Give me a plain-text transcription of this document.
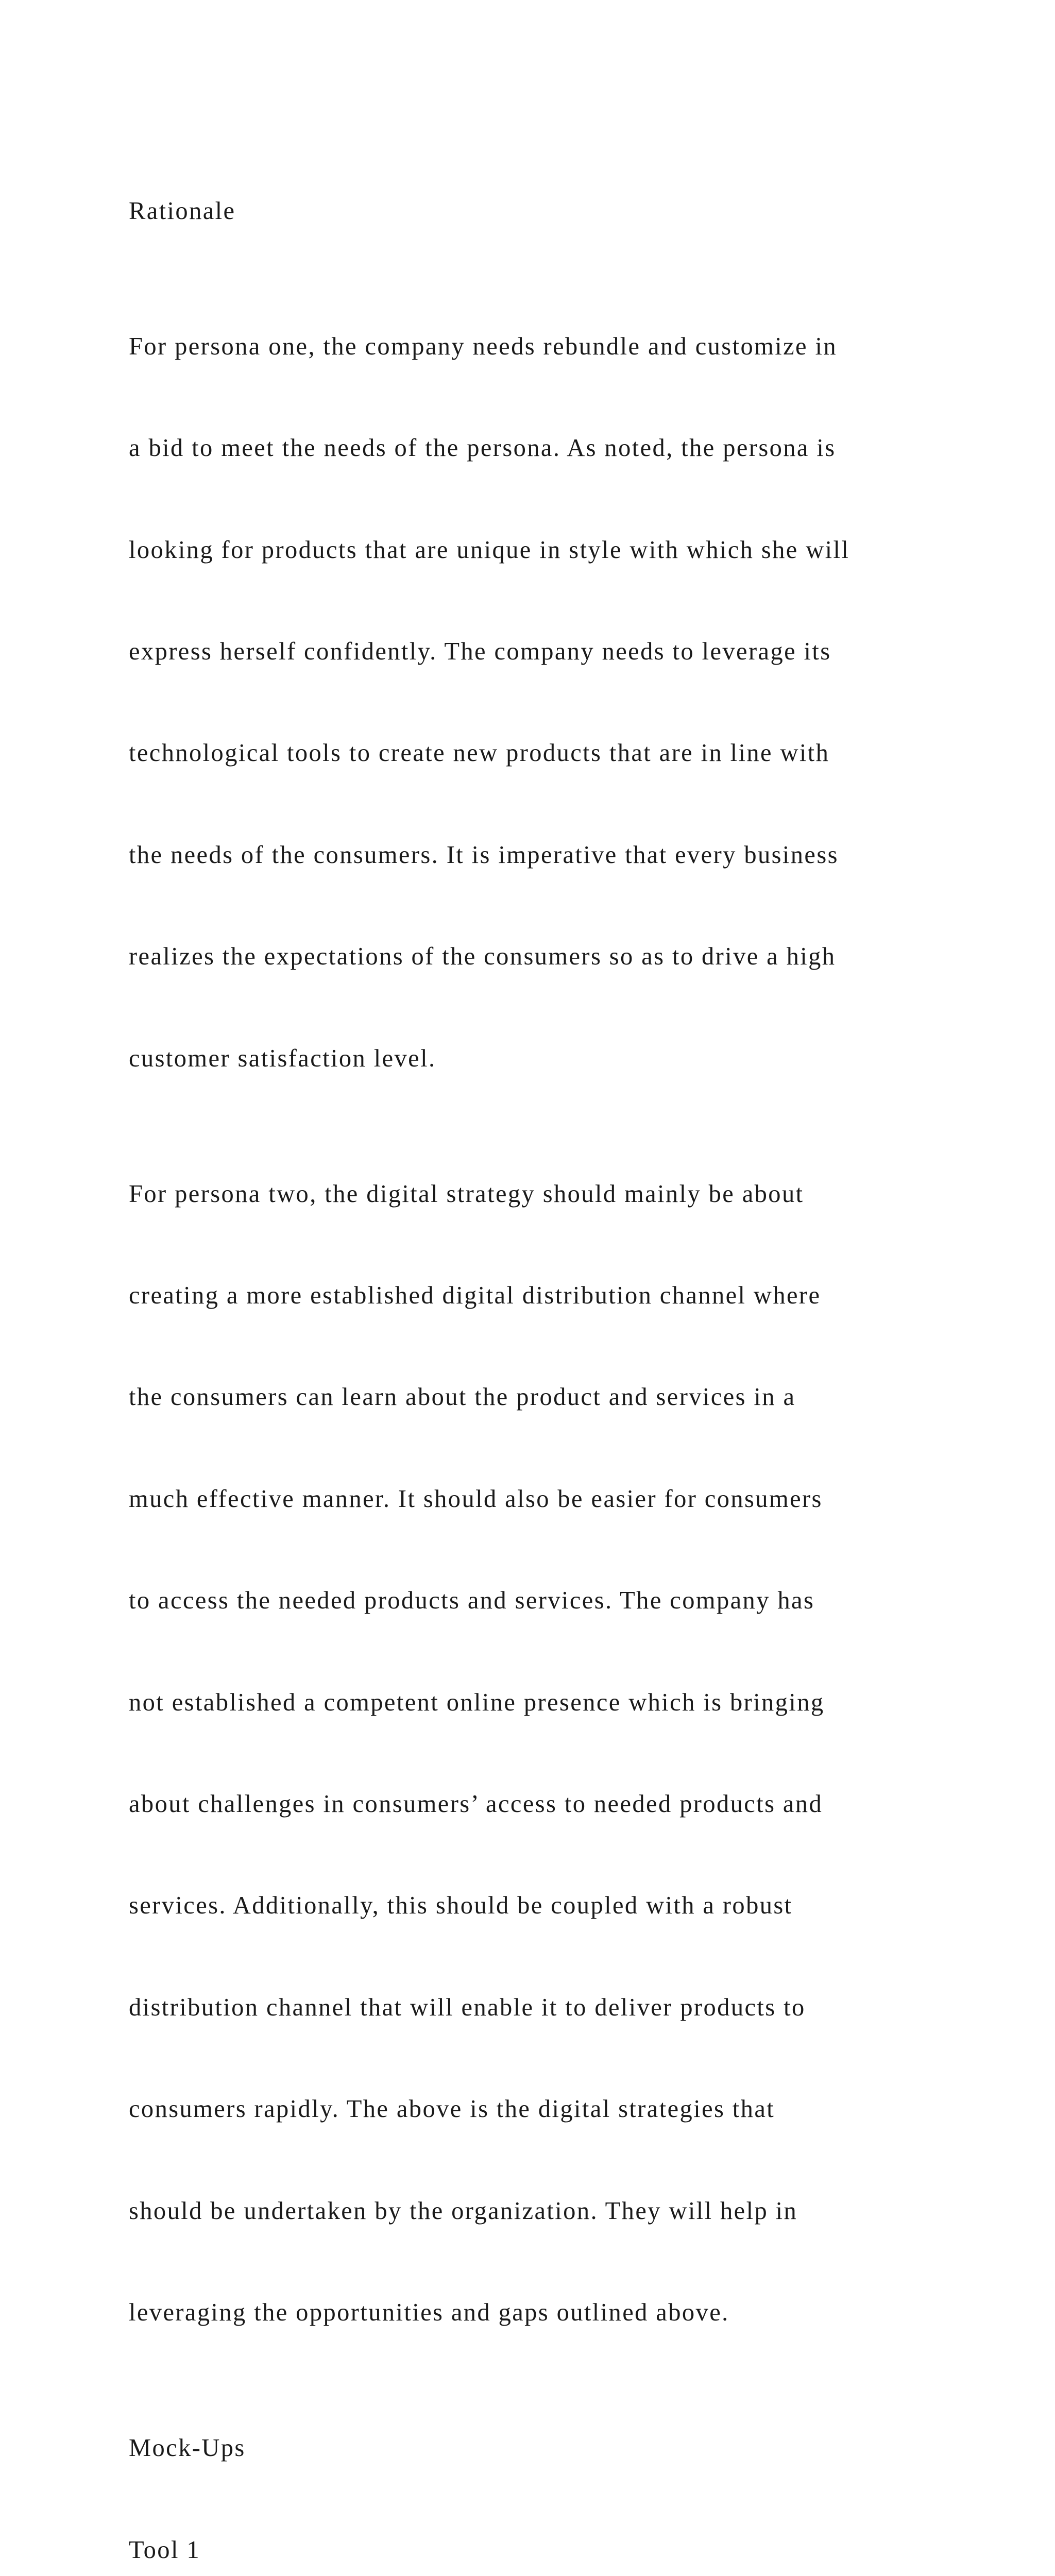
Rationale

For persona one, the company needs rebundle and customize in

a bid to meet the needs of the persona. As noted, the persona is

looking for products that are unique in style with which she will

express herself confidently. The company needs to leverage its

technological tools to create new products that are in line with

the needs of the consumers. It is imperative that every business

realizes the expectations of the consumers so as to drive a high

customer satisfaction level.

For persona two, the digital strategy should mainly be about

creating a more established digital distribution channel where

the consumers can learn about the product and services in a

much effective manner. It should also be easier for consumers

to access the needed products and services. The company has

not established a competent online presence which is bringing

about challenges in consumers’ access to needed products and

services. Additionally, this should be coupled with a robust

distribution channel that will enable it to deliver products to

consumers rapidly. The above is the digital strategies that

should be undertaken by the organization. They will help in

leveraging the opportunities and gaps outlined above.

Mock-Ups

Tool 1
